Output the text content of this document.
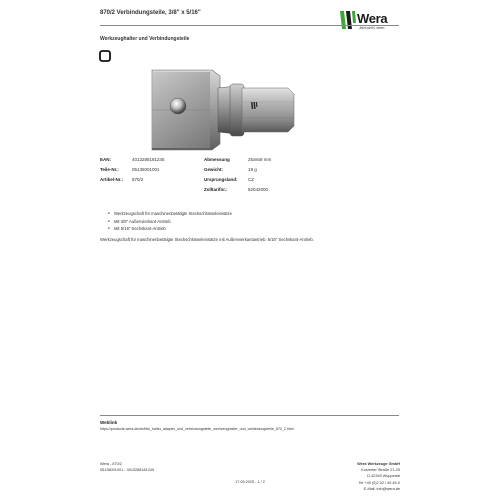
870/2 Verbindungsteile, 3/8" x 5/16"	Wera
Jetzt wird's. Ideen
Werkzeughalter und Verbindungsteile
EAN:	4013288181245	Abmessung	25x8x8 mm
Teile-Nr.:	05136001001	Gewicht:	19 g
Artikel-Nr.: 870/2	Ursprungsland: CZ
Zolltarifnr.:	82042000
■ Werkzeugschaft für maschinenbetätigte Steckschlüsseleinsätze
■ Mit 3/8" Außenvierkant-Antrieb
■ Mit 5/16" Sechskant-Antrieb
Werkzeugschaft für maschinenbetätigte Steckschlüsseleinsätze mit Außenvierkantantrieb, 5/16" Sechskant-Antrieb.
Weblink
https://products.wera.de/de/bits_halter_adapter_und_verbindungsteile_werkzeughalter_und_verbindungsteile_870_2.html
Wera - 870/2
05136001001 - 4013288181245
Wera Werkzeuge GmbH
Korzerter Straße 21-25
D-42349 Wuppertal
Tel +49 (0)2 02 / 40 45-0
E-Mail: info@wera.de
17.09.2025 - 1 / 2
